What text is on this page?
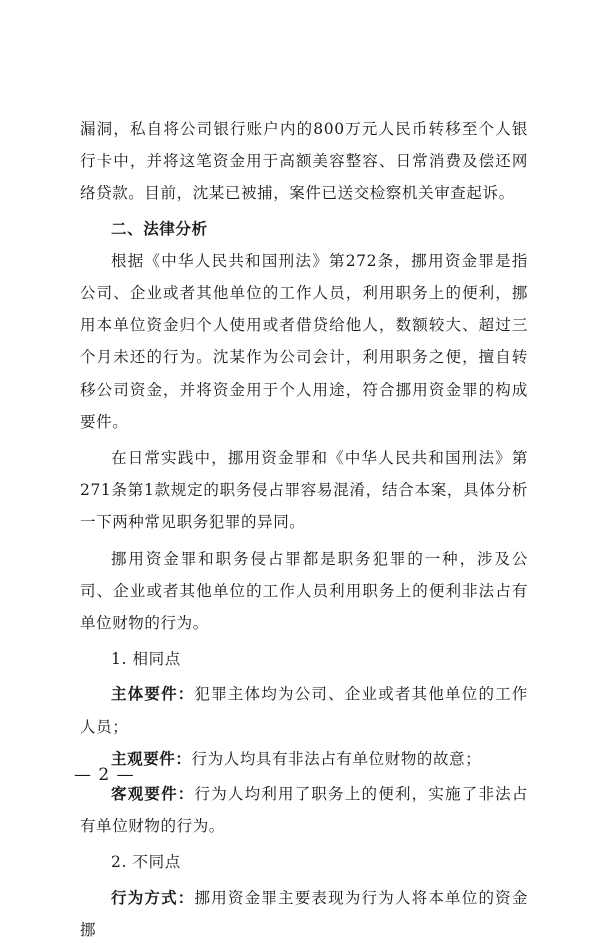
漏洞，私自将公司银行账户内的800万元人民币转移至个人银行卡中，并将这笔资金用于高额美容整容、日常消费及偿还网络贷款。目前，沈某已被捕，案件已送交检察机关审查起诉。

二、法律分析

根据《中华人民共和国刑法》第272条，挪用资金罪是指公司、企业或者其他单位的工作人员，利用职务上的便利，挪用本单位资金归个人使用或者借贷给他人，数额较大、超过三个月未还的行为。沈某作为公司会计，利用职务之便，擅自转移公司资金，并将资金用于个人用途，符合挪用资金罪的构成要件。

在日常实践中，挪用资金罪和《中华人民共和国刑法》第271条第1款规定的职务侵占罪容易混淆，结合本案，具体分析一下两种常见职务犯罪的异同。

挪用资金罪和职务侵占罪都是职务犯罪的一种，涉及公司、企业或者其他单位的工作人员利用职务上的便利非法占有单位财物的行为。

1. 相同点

主体要件：犯罪主体均为公司、企业或者其他单位的工作人员；

主观要件：行为人均具有非法占有单位财物的故意；

客观要件：行为人均利用了职务上的便利，实施了非法占有单位财物的行为。

2. 不同点

行为方式：挪用资金罪主要表现为行为人将本单位的资金挪

— 2 —
